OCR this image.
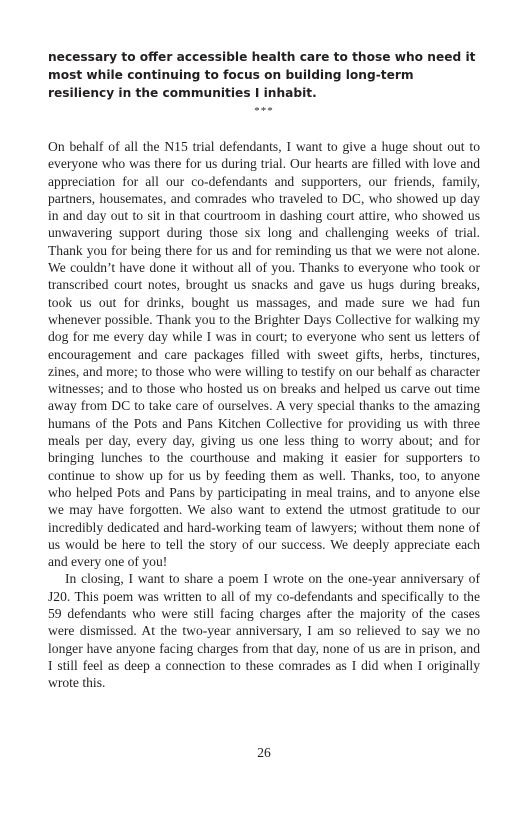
necessary to offer accessible health care to those who need it most while continuing to focus on building long-term resiliency in the communities I inhabit.

***

On behalf of all the N15 trial defendants, I want to give a huge shout out to everyone who was there for us during trial. Our hearts are filled with love and appreciation for all our co-defendants and supporters, our friends, family, partners, housemates, and comrades who traveled to DC, who showed up day in and day out to sit in that courtroom in dashing court attire, who showed us unwavering support during those six long and challenging weeks of trial. Thank you for being there for us and for reminding us that we were not alone. We couldn’t have done it without all of you. Thanks to everyone who took or transcribed court notes, brought us snacks and gave us hugs during breaks, took us out for drinks, bought us massages, and made sure we had fun whenever possible. Thank you to the Brighter Days Collective for walking my dog for me every day while I was in court; to everyone who sent us letters of encouragement and care packages filled with sweet gifts, herbs, tinctures, zines, and more; to those who were willing to testify on our behalf as character witnesses; and to those who hosted us on breaks and helped us carve out time away from DC to take care of ourselves. A very special thanks to the amazing humans of the Pots and Pans Kitchen Collective for providing us with three meals per day, every day, giving us one less thing to worry about; and for bringing lunches to the courthouse and making it easier for supporters to continue to show up for us by feeding them as well. Thanks, too, to anyone who helped Pots and Pans by participating in meal trains, and to anyone else we may have forgotten. We also want to extend the utmost gratitude to our incredibly dedicated and hard-working team of lawyers; without them none of us would be here to tell the story of our success. We deeply appreciate each and every one of you!

In closing, I want to share a poem I wrote on the one-year anniversary of J20. This poem was written to all of my co-defendants and specifically to the 59 defendants who were still facing charges after the majority of the cases were dismissed. At the two-year anniversary, I am so relieved to say we no longer have anyone facing charges from that day, none of us are in prison, and I still feel as deep a connection to these comrades as I did when I originally wrote this.

26
